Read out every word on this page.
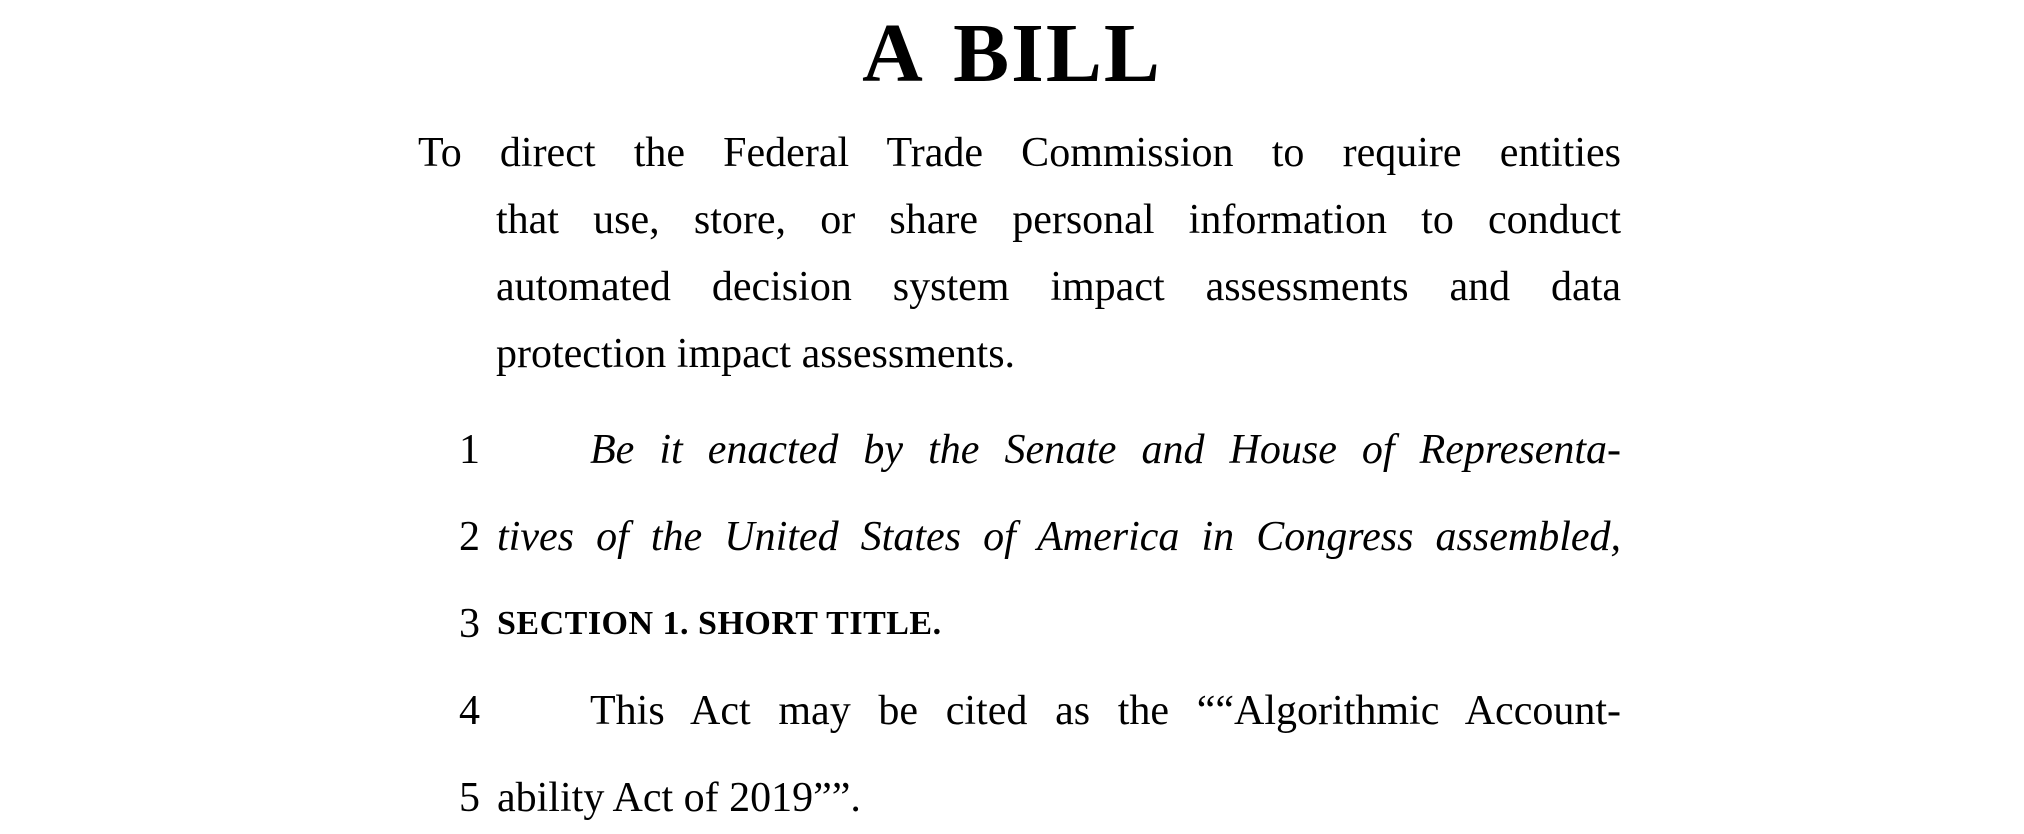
A BILL
To direct the Federal Trade Commission to require entities
that use, store, or share personal information to conduct
automated decision system impact assessments and data
protection impact assessments.
1	Be it enacted by the Senate and House of Representa-
2 tives of the United States of America in Congress assembled,
3 SECTION 1. SHORT TITLE.
4	This Act may be cited as the ““Algorithmic Account-
5 ability Act of 2019””.
